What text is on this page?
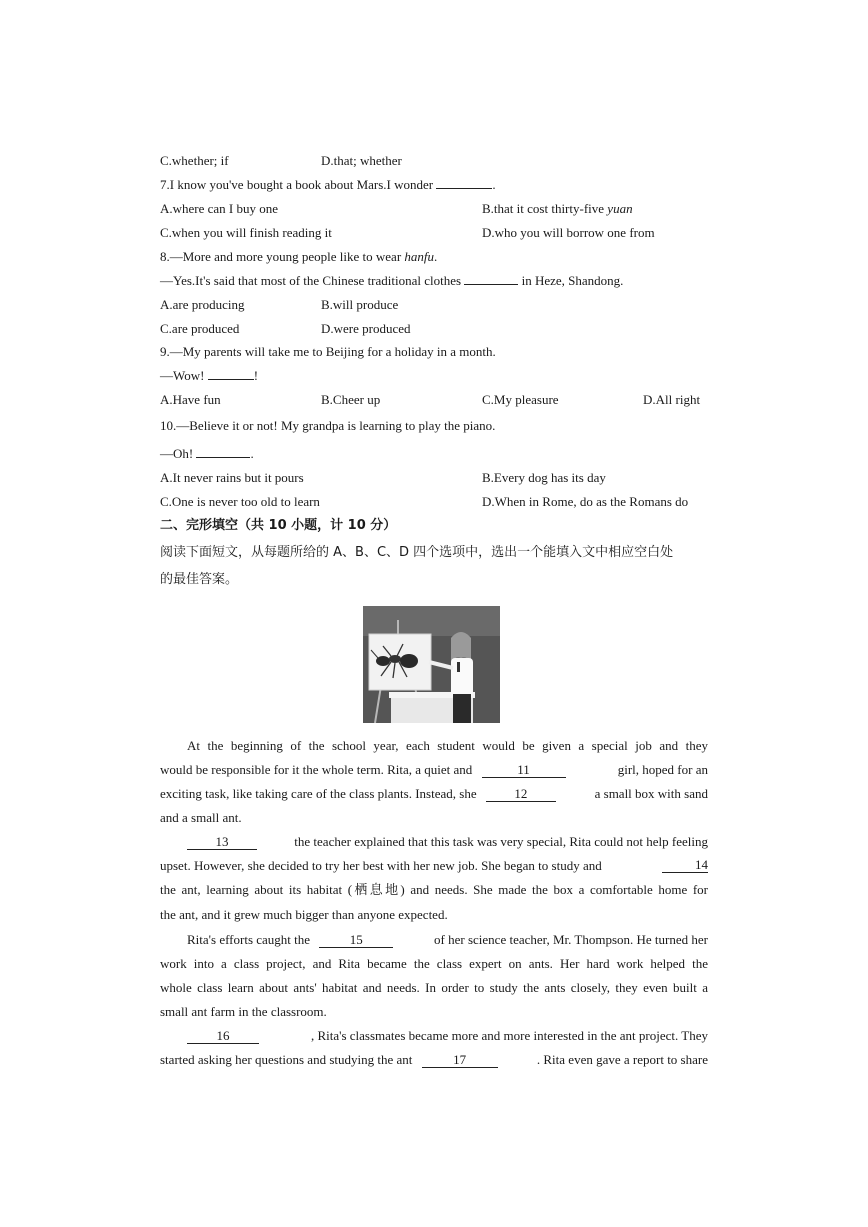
C.whether; if	D.that; whether
7.I know you've bought a book about Mars.I wonder	.
A.where can I buy one	B.that it cost thirty-five yuan
C.when you will finish reading it	D.who you will borrow one from
8.—More and more young people like to wear hanfu.
—Yes.It's said that most of the Chinese traditional clothes	in Heze, Shandong.
A.are producing	B.will produce
C.are produced	D.were produced
9.—My parents will take me to Beijing for a holiday in a month.
—Wow!	!
A.Have fun	B.Cheer up	C.My pleasure	D.All right
10.—Believe it or not! My grandpa is learning to play the piano.
—Oh!	.
A.It never rains but it pours	B.Every dog has its day
C.One is never too old to learn	D.When in Rome, do as the Romans do
二、完形填空（共 10 小题，计 10 分）
阅读下面短文，从每题所给的 A、B、C、D 四个选项中，选出一个能填入文中相应空白处
的最佳答案。
At the beginning of the school year, each student would be given a special job and they
would be responsible for it the whole term. Rita, a quiet and	11	girl, hoped for an
exciting task, like taking care of the class plants. Instead, she	12	a small box with sand
and a small ant.
13	the teacher explained that this task was very special, Rita could not help feeling
upset. However, she decided to try her best with her new job. She began to study and	14
the ant, learning about its habitat (栖息地) and needs. She made the box a comfortable home for
the ant, and it grew much bigger than anyone expected.
Rita's efforts caught the	15	of her science teacher, Mr. Thompson. He turned her
work into a class project, and Rita became the class expert on ants. Her hard work helped the
whole class learn about ants' habitat and needs. In order to study the ants closely, they even built a
small ant farm in the classroom.
16	, Rita's classmates became more and more interested in the ant project. They
started asking her questions and studying the ant	17	. Rita even gave a report to share
